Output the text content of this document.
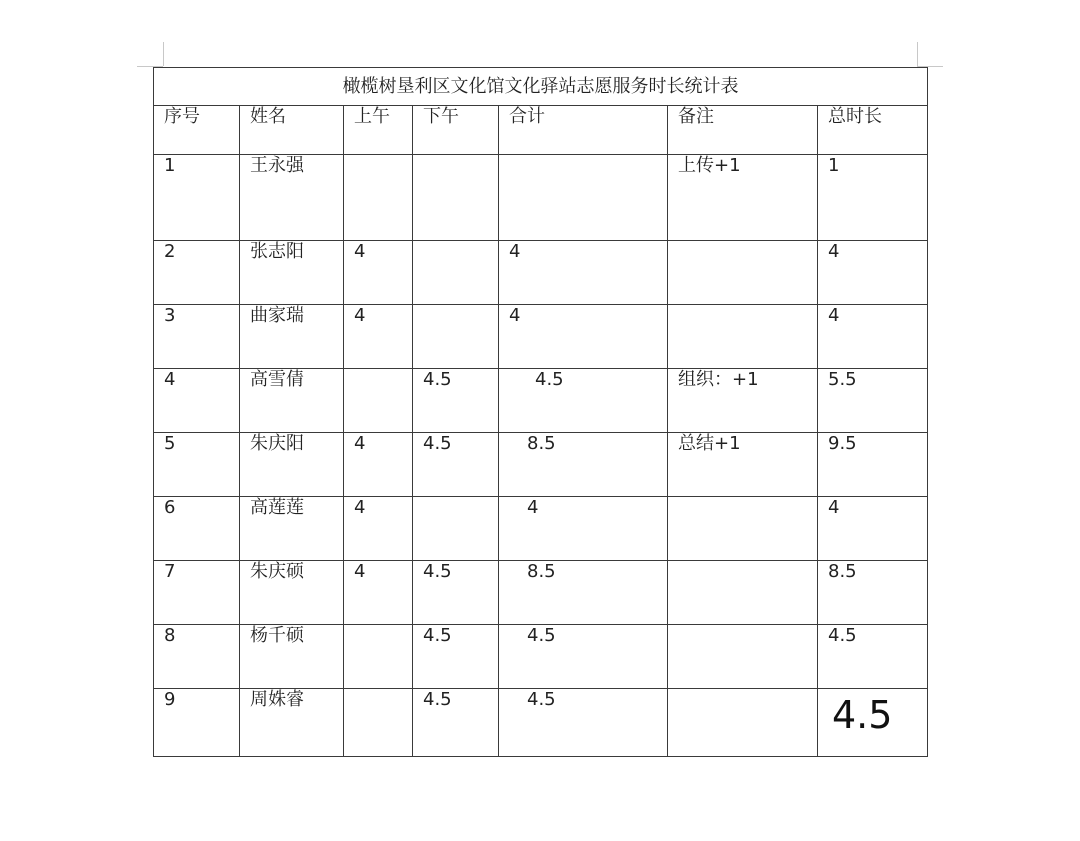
橄榄树垦利区文化馆文化驿站志愿服务时长统计表						
序号	姓名	上午	下午	合计	备注	总时长
1	王永强				上传+1	1
2	张志阳	4		4		4
3	曲家瑞	4		4		4
4	高雪倩		4.5	4.5	组织：+1	5.5
5	朱庆阳	4	4.5	8.5	总结+1	9.5
6	高莲莲	4		4		4
7	朱庆硕	4	4.5	8.5		8.5
8	杨千硕		4.5	4.5		4.5
9	周姝睿		4.5	4.5		4.5
